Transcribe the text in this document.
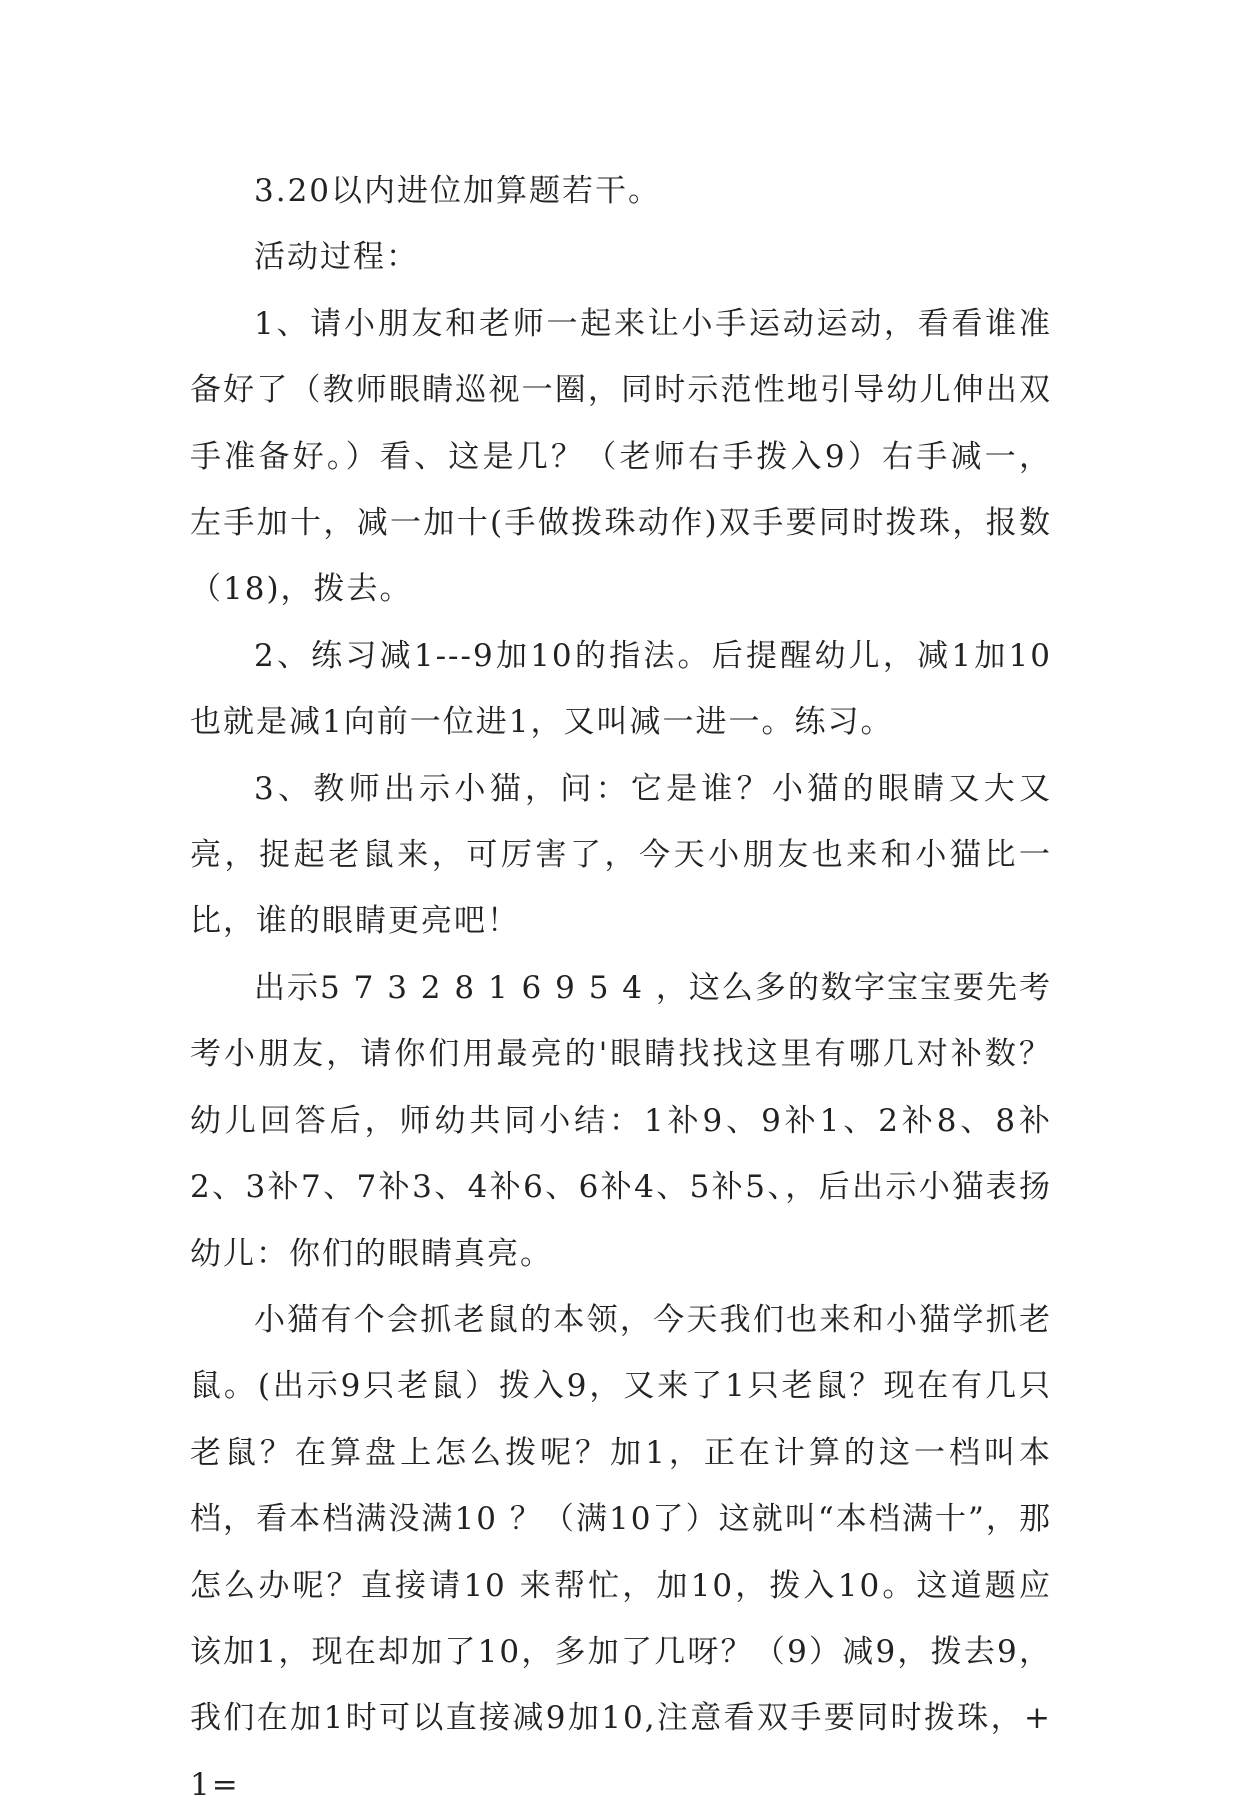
3.20以内进位加算题若干。

活动过程：

1、请小朋友和老师一起来让小手运动运动，看看谁准备好了（教师眼睛巡视一圈，同时示范性地引导幼儿伸出双手准备好。）看、这是几？（老师右手拨入9）右手减一，左手加十，减一加十(手做拨珠动作)双手要同时拨珠，报数（18)，拨去。

2、练习减1---9加10的指法。后提醒幼儿，减1加10也就是减1向前一位进1，又叫减一进一。练习。

3、教师出示小猫，问：它是谁？小猫的眼睛又大又亮，捉起老鼠来，可厉害了，今天小朋友也来和小猫比一比，谁的眼睛更亮吧！

出示5 7 3 2 8 1 6 9 5 4 ，这么多的数字宝宝要先考考小朋友，请你们用最亮的'眼睛找找这里有哪几对补数？幼儿回答后，师幼共同小结：1补9、9补1、2补8、8补2、3补7、7补3、4补6、6补4、5补5、，后出示小猫表扬幼儿：你们的眼睛真亮。

小猫有个会抓老鼠的本领，今天我们也来和小猫学抓老鼠。(出示9只老鼠）拨入9，又来了1只老鼠？现在有几只老鼠？在算盘上怎么拨呢？加1，正在计算的这一档叫本档，看本档满没满10 ？（满10了）这就叫“本档满十”，那怎么办呢？直接请10 来帮忙，加10，拨入10。这道题应该加1，现在却加了10，多加了几呀？（9）减9，拨去9，我们在加1时可以直接减9加10,注意看双手要同时拨珠，+1=
